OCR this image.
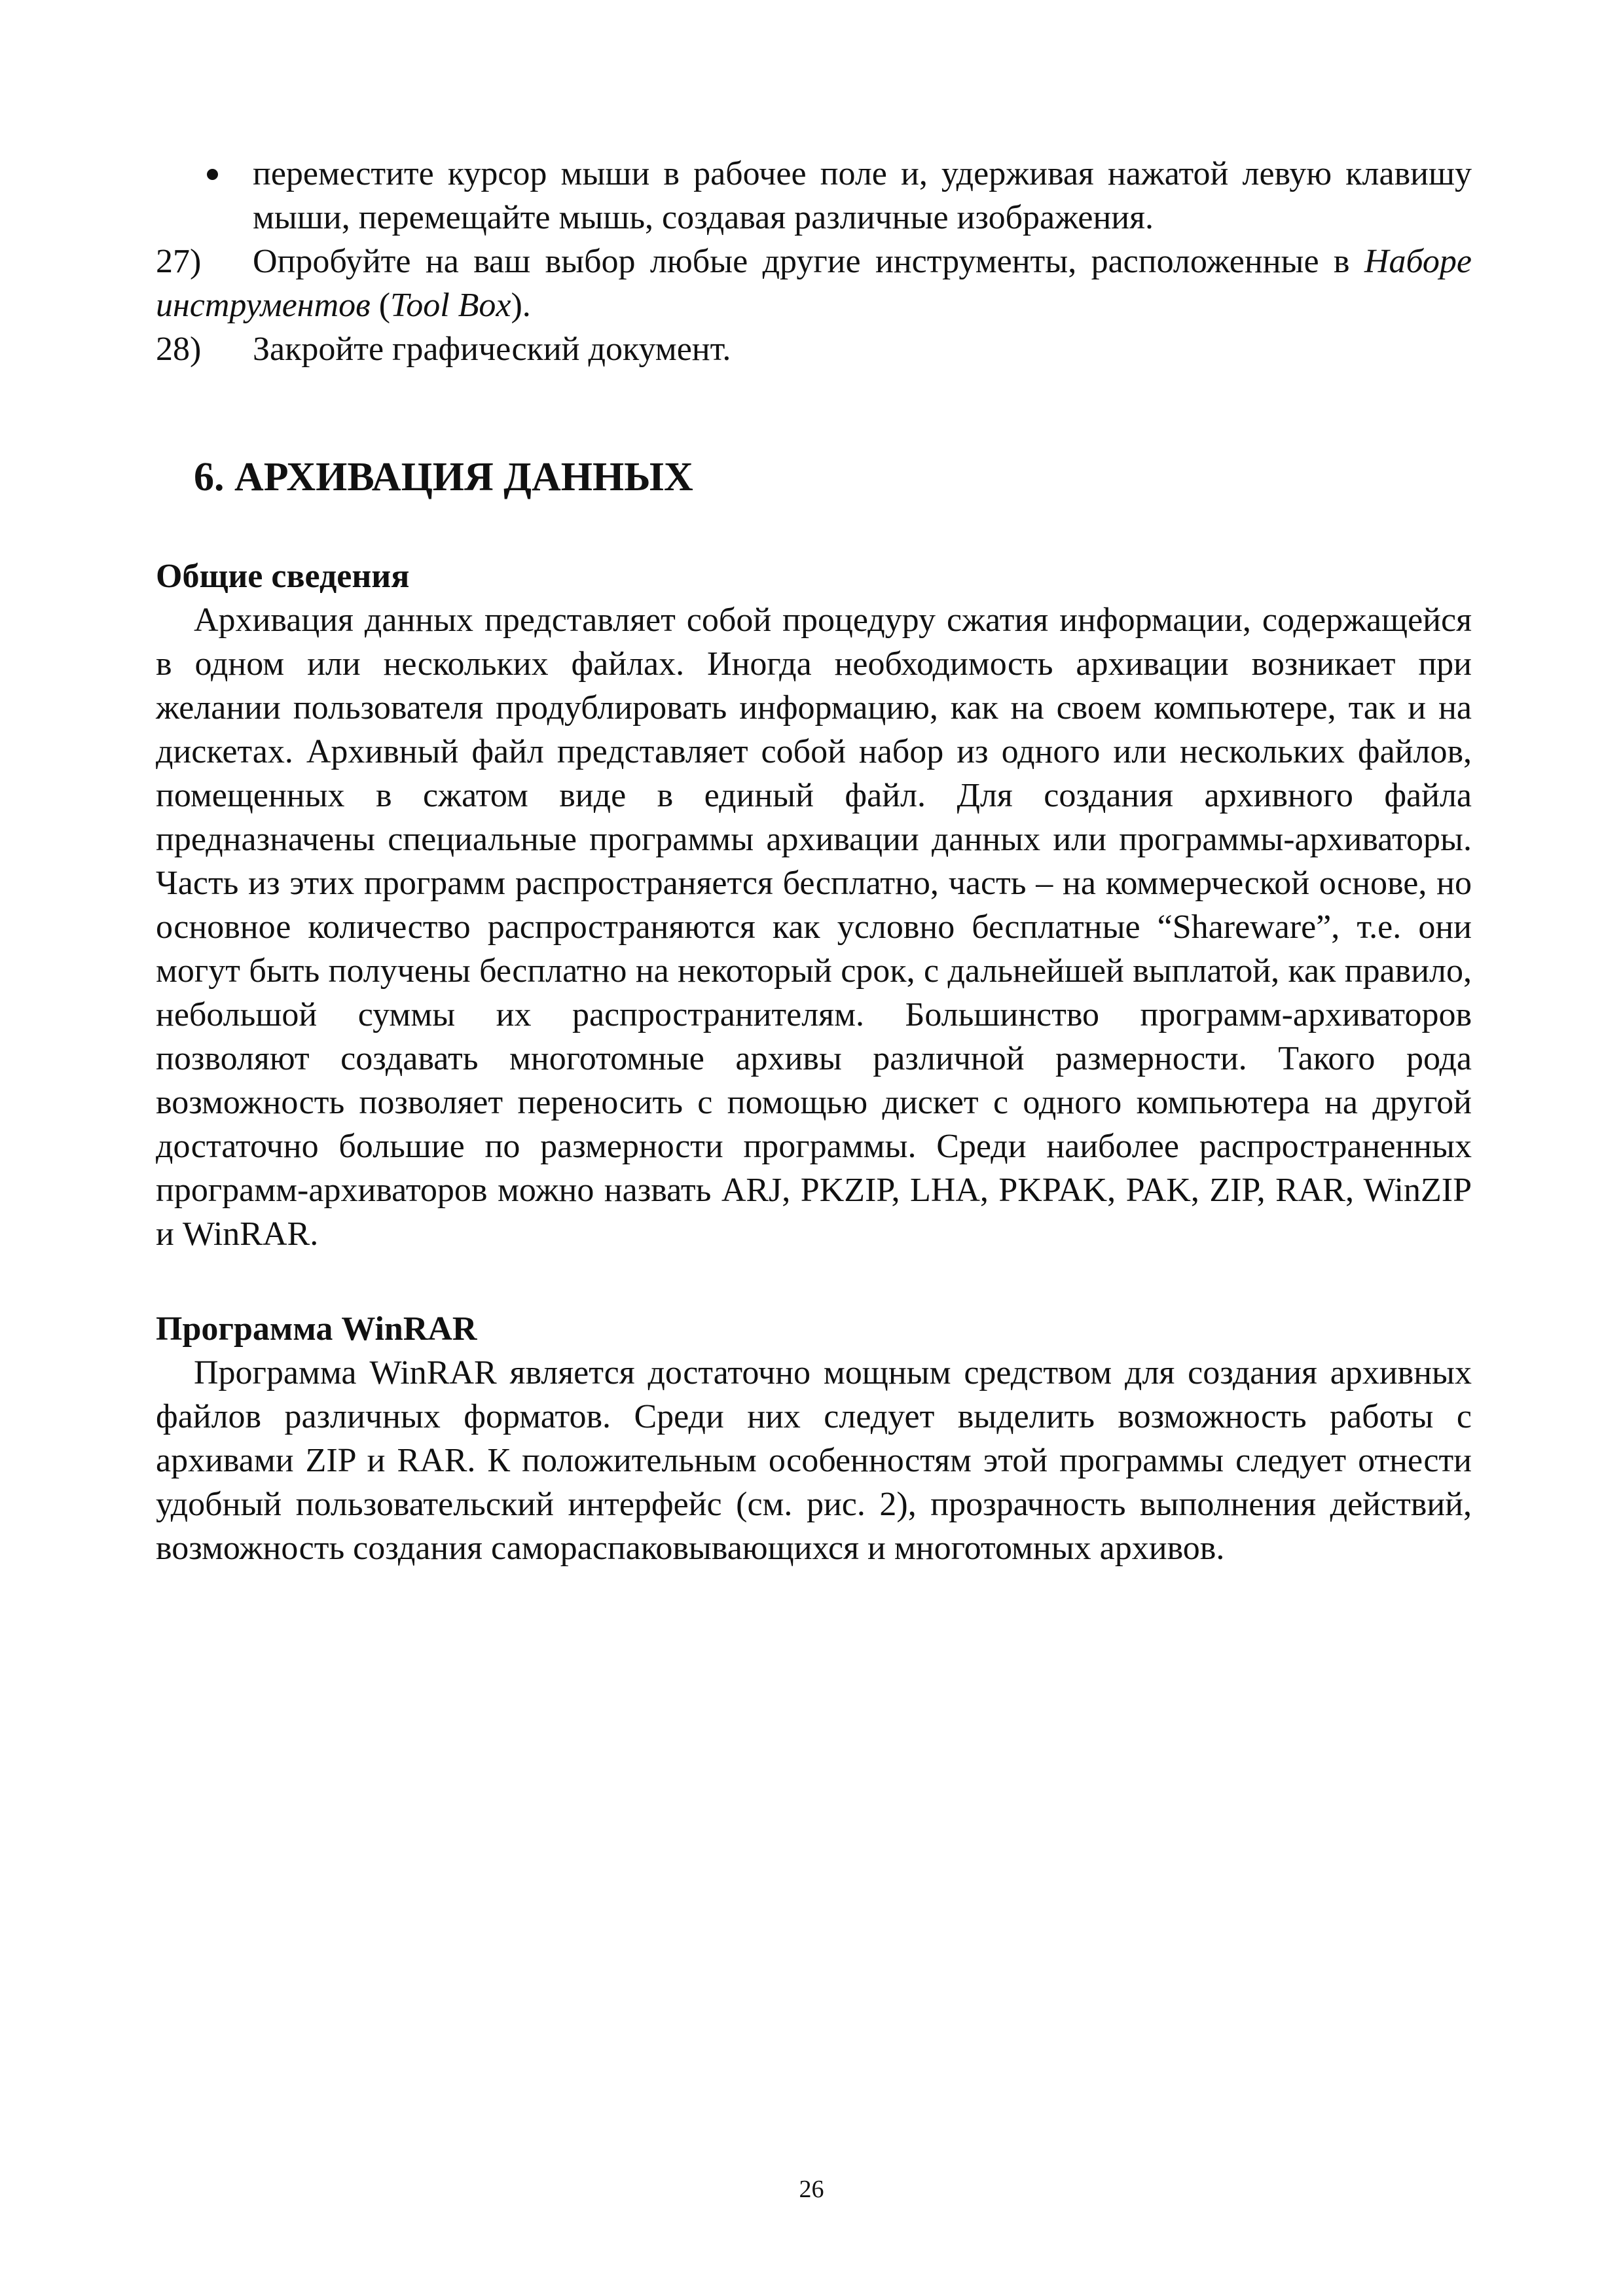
переместите курсор мыши в рабочее поле и, удерживая нажатой левую клавишу мыши, перемещайте мышь, создавая различные изображения.

27) Опробуйте на ваш выбор любые другие инструменты, расположенные в Наборе инструментов (Tool Box).

28) Закройте графический документ.

6. АРХИВАЦИЯ ДАННЫХ
Общие сведения

Архивация данных представляет собой процедуру сжатия информации, содержащейся в одном или нескольких файлах. Иногда необходимость архивации возникает при желании пользователя продублировать информацию, как на своем компьютере, так и на дискетах. Архивный файл представляет собой набор из одного или нескольких файлов, помещенных в сжатом виде в единый файл. Для создания архивного файла предназначены специальные программы архивации данных или программы-архиваторы. Часть из этих программ распространяется бесплатно, часть – на коммерческой основе, но основное количество распространяются как условно бесплатные “Shareware”, т.е. они могут быть получены бесплатно на некоторый срок, с дальнейшей выплатой, как правило, небольшой суммы их распространителям. Большинство программ-архиваторов позволяют создавать многотомные архивы различной размерности. Такого рода возможность позволяет переносить с помощью дискет с одного компьютера на другой достаточно большие по размерности программы. Среди наиболее распространенных программ-архиваторов можно назвать ARJ, PKZIP, LHA, PKPAK, PAK, ZIP, RAR, WinZIP и WinRAR.

Программа WinRAR

Программа WinRAR является достаточно мощным средством для создания архивных файлов различных форматов. Среди них следует выделить возможность работы с архивами ZIP и RAR. К положительным особенностям этой программы следует отнести удобный пользовательский интерфейс (см. рис. 2), прозрачность выполнения действий, возможность создания самораспаковывающихся и многотомных архивов.

26
